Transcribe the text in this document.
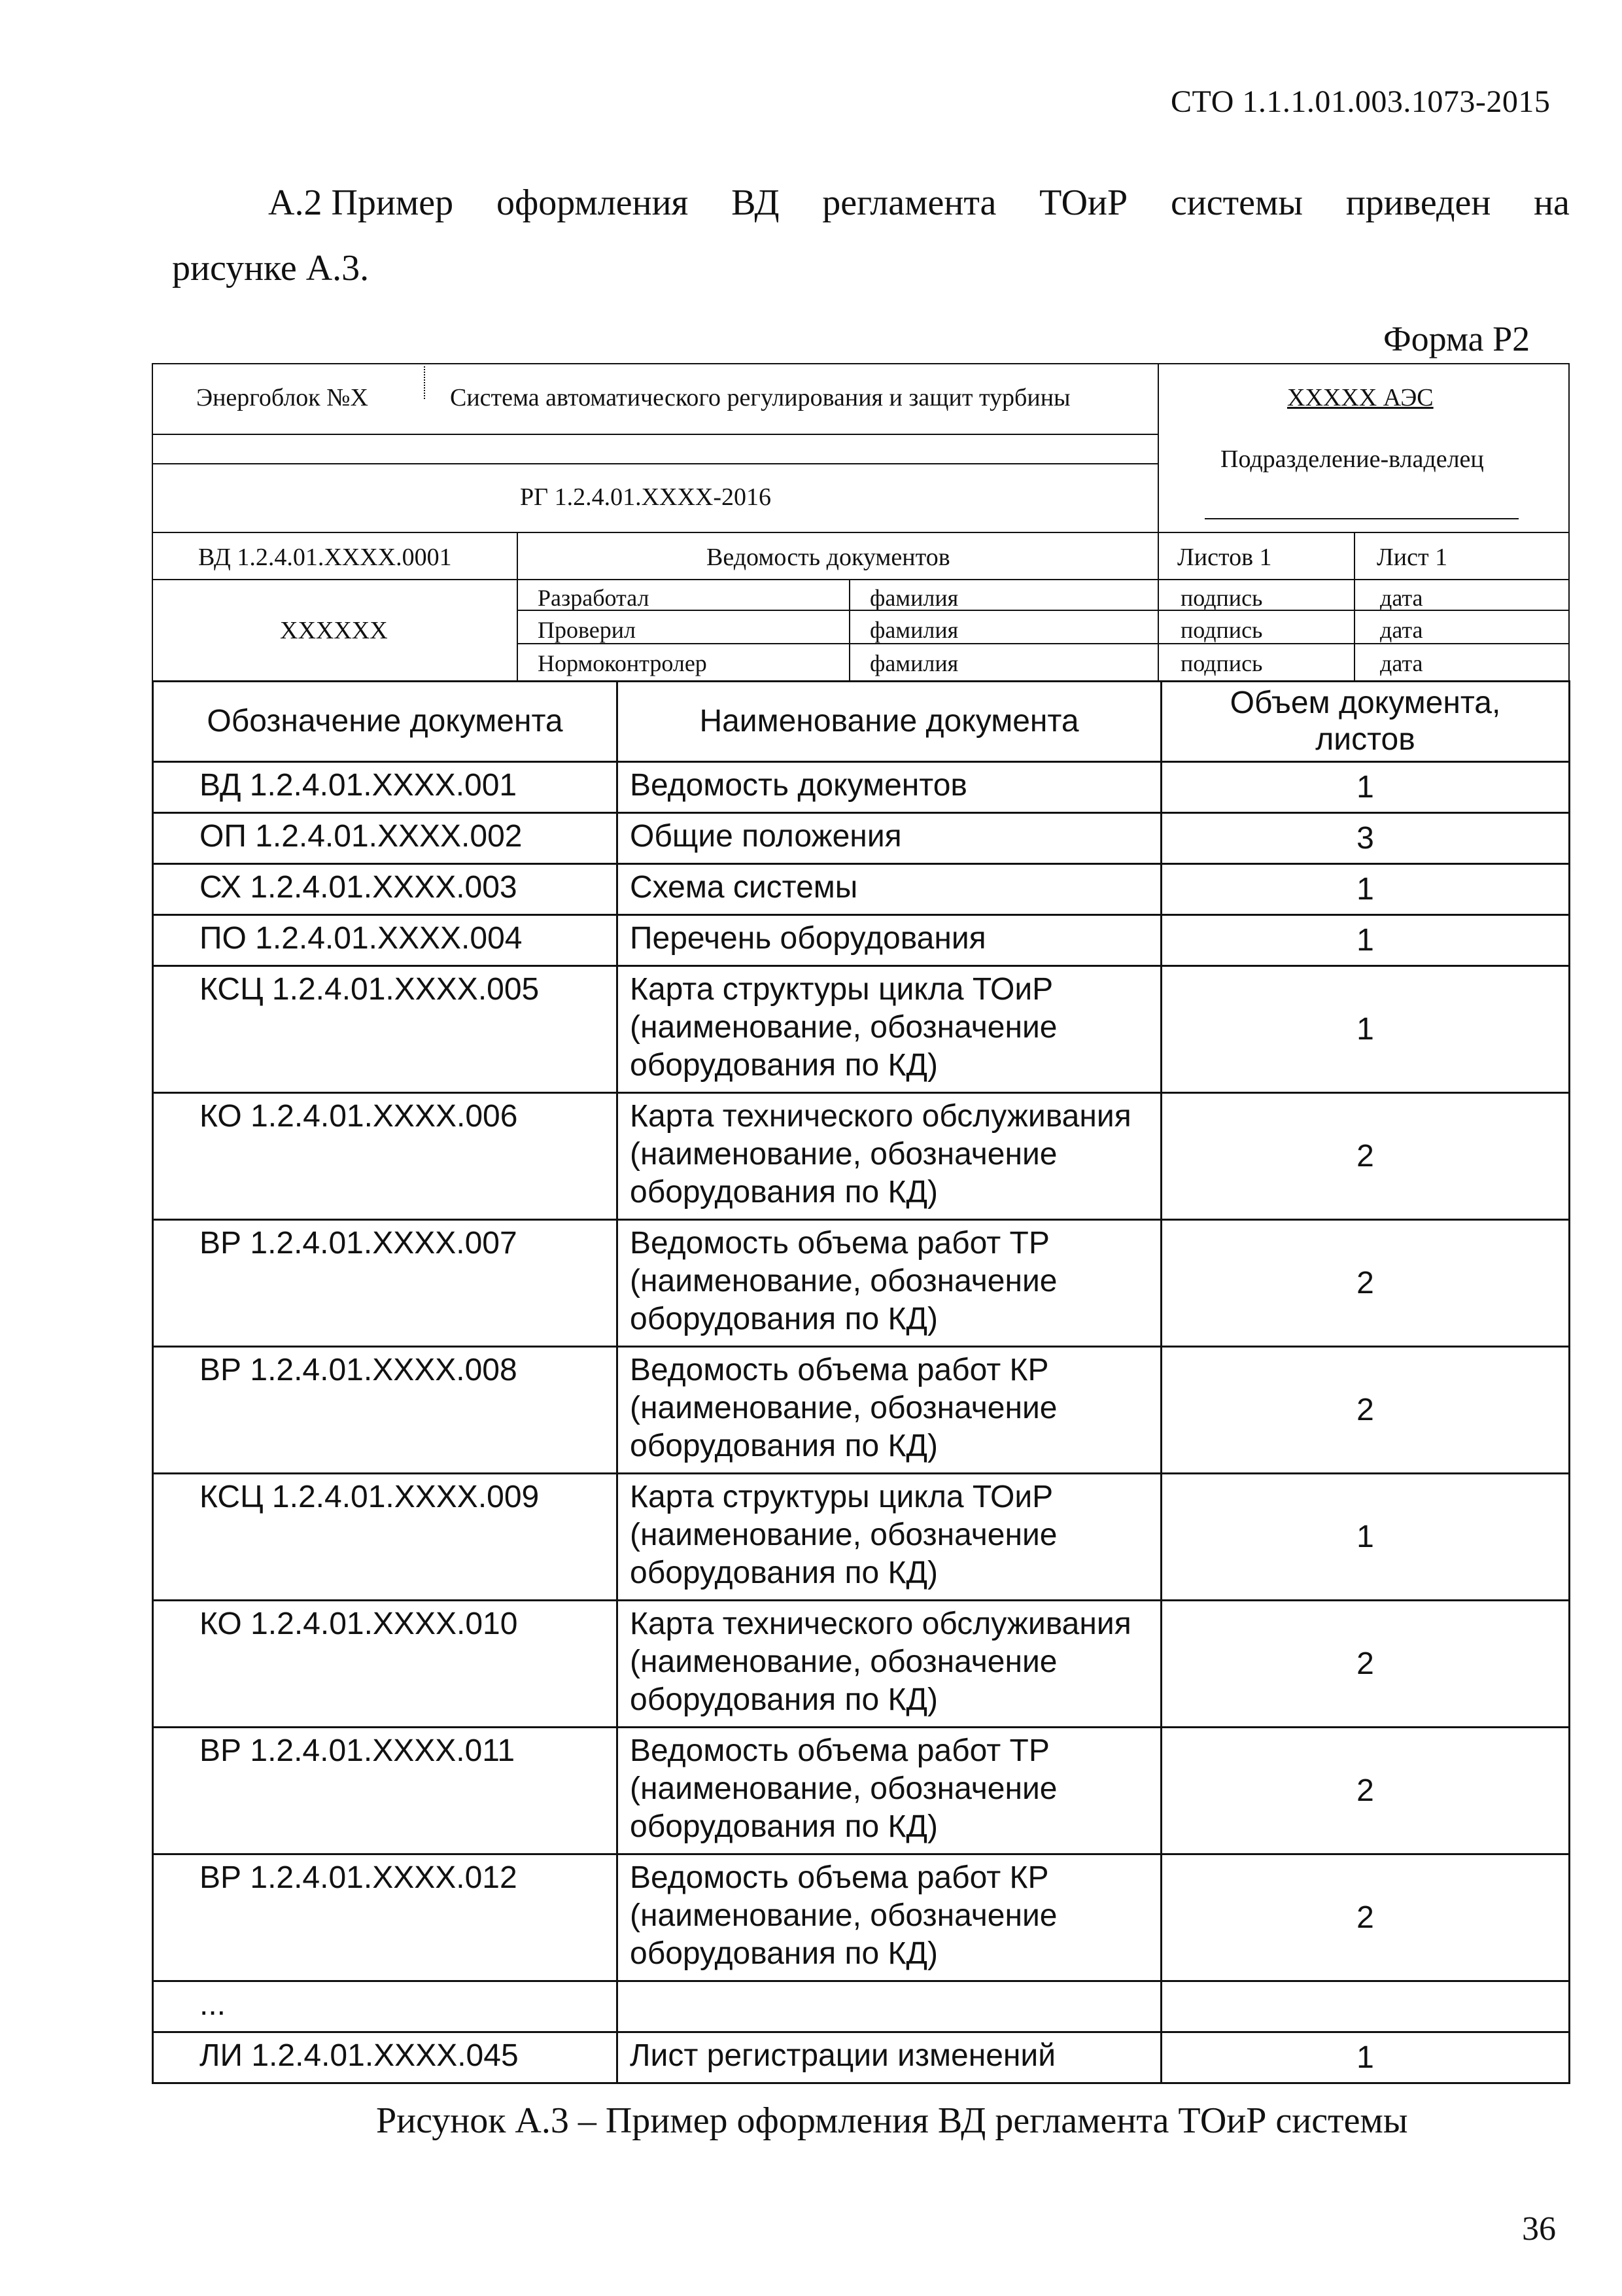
СТО 1.1.1.01.003.1073-2015
А.2 Пример оформления ВД регламента ТОиР системы приведен на
рисунке А.3.
Форма Р2
Энергоблок №Х	Система автоматического регулирования и защит турбины	ХХХХХ АЭС
Подразделение-владелец
РГ 1.2.4.01.ХХХХ-2016
ВД 1.2.4.01.ХХХХ.0001	Ведомость документов	Листов 1	Лист 1
ХХХХХХ
Разработал	фамилия	подпись	дата
Проверил	фамилия	подпись	дата
Нормоконтролер	фамилия	подпись	дата
Обозначение документа	Наименование документа	Объем документа, листов
ВД 1.2.4.01.ХХХХ.001	Ведомость документов	1
ОП 1.2.4.01.ХХХХ.002	Общие положения	3
СХ 1.2.4.01.ХХХХ.003	Схема системы	1
ПО 1.2.4.01.ХХХХ.004	Перечень оборудования	1
КСЦ 1.2.4.01.ХХХХ.005	Карта структуры цикла ТОиР
(наименование, обозначение
оборудования по КД)	1
КО 1.2.4.01.ХХХХ.006	Карта технического обслуживания
(наименование, обозначение
оборудования по КД)	2
ВР 1.2.4.01.ХХХХ.007	Ведомость объема работ ТР
(наименование, обозначение
оборудования по КД)	2
ВР 1.2.4.01.ХХХХ.008	Ведомость объема работ КР
(наименование, обозначение
оборудования по КД)	2
КСЦ 1.2.4.01.ХХХХ.009	Карта структуры цикла ТОиР
(наименование, обозначение
оборудования по КД)	1
КО 1.2.4.01.ХХХХ.010	Карта технического обслуживания
(наименование, обозначение
оборудования по КД)	2
ВР 1.2.4.01.ХХХХ.011	Ведомость объема работ ТР
(наименование, обозначение
оборудования по КД)	2
ВР 1.2.4.01.ХХХХ.012	Ведомость объема работ КР
(наименование, обозначение
оборудования по КД)	2
...	

ЛИ 1.2.4.01.ХХХХ.045	Лист регистрации изменений	1
Рисунок А.3 – Пример оформления ВД регламента ТОиР системы
36
